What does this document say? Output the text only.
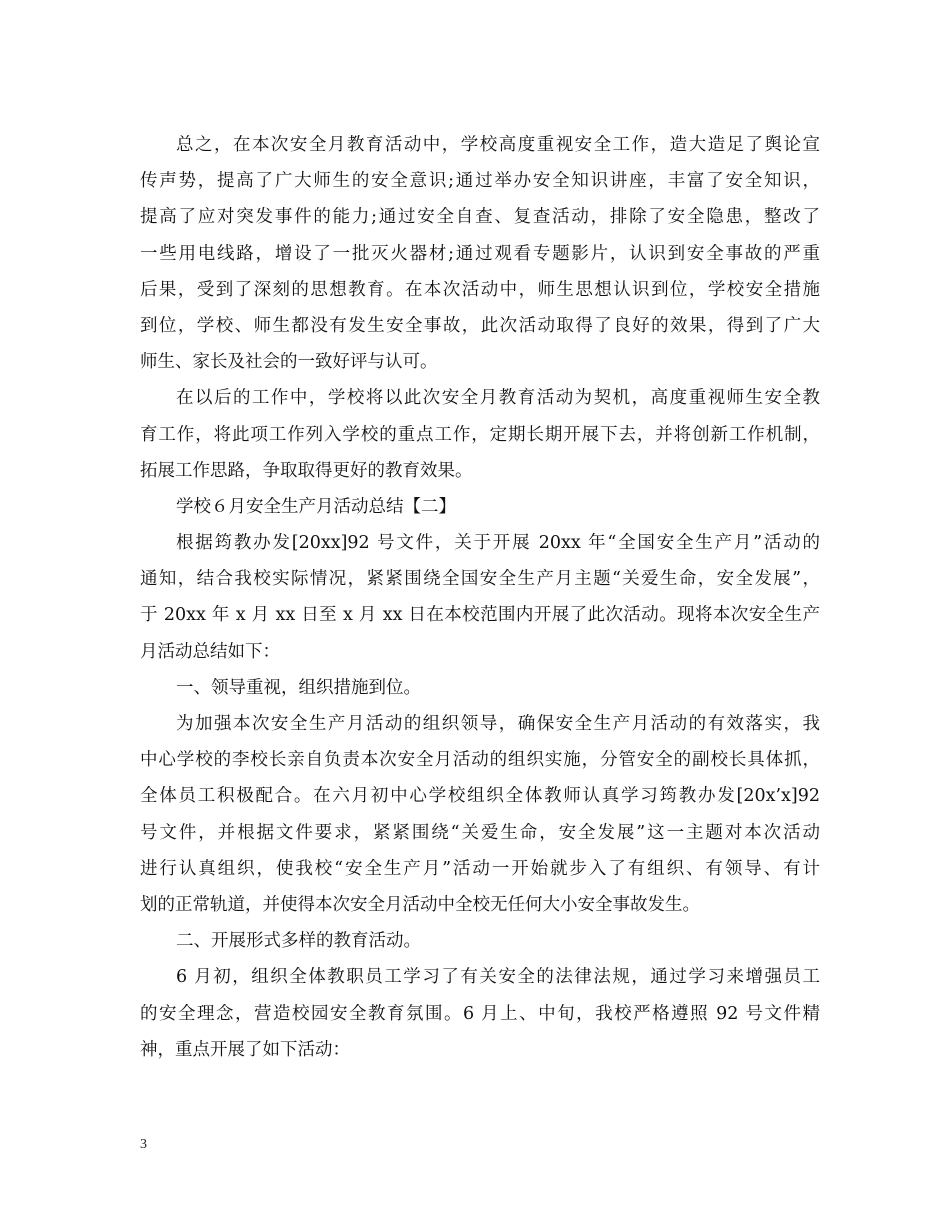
总之，在本次安全月教育活动中，学校高度重视安全工作，造大造足了舆论宣
传声势，提高了广大师生的安全意识;通过举办安全知识讲座，丰富了安全知识，
提高了应对突发事件的能力;通过安全自查、复查活动，排除了安全隐患，整改了
一些用电线路，增设了一批灭火器材;通过观看专题影片，认识到安全事故的严重
后果，受到了深刻的思想教育。在本次活动中，师生思想认识到位，学校安全措施
到位，学校、师生都没有发生安全事故，此次活动取得了良好的效果，得到了广大
师生、家长及社会的一致好评与认可。
在以后的工作中，学校将以此次安全月教育活动为契机，高度重视师生安全教
育工作，将此项工作列入学校的重点工作，定期长期开展下去，并将创新工作机制，
拓展工作思路，争取取得更好的教育效果。
学校６月安全生产月活动总结【二】
根据筠教办发[20xx]92 号文件，关于开展 20xx 年“全国安全生产月”活动的
通知，结合我校实际情况，紧紧围绕全国安全生产月主题“关爱生命，安全发展”，
于 20xx 年 x 月 xx 日至 x 月 xx 日在本校范围内开展了此次活动。现将本次安全生产
月活动总结如下：
一、领导重视，组织措施到位。
为加强本次安全生产月活动的组织领导，确保安全生产月活动的有效落实，我
中心学校的李校长亲自负责本次安全月活动的组织实施，分管安全的副校长具体抓，
全体员工积极配合。在六月初中心学校组织全体教师认真学习筠教办发[20x’x]92
号文件，并根据文件要求，紧紧围绕“关爱生命，安全发展”这一主题对本次活动
进行认真组织，使我校“安全生产月”活动一开始就步入了有组织、有领导、有计
划的正常轨道，并使得本次安全月活动中全校无任何大小安全事故发生。
二、开展形式多样的教育活动。
6 月初，组织全体教职员工学习了有关安全的法律法规，通过学习来增强员工
的安全理念，营造校园安全教育氛围。6 月上、中旬，我校严格遵照 92 号文件精
神，重点开展了如下活动：
3
